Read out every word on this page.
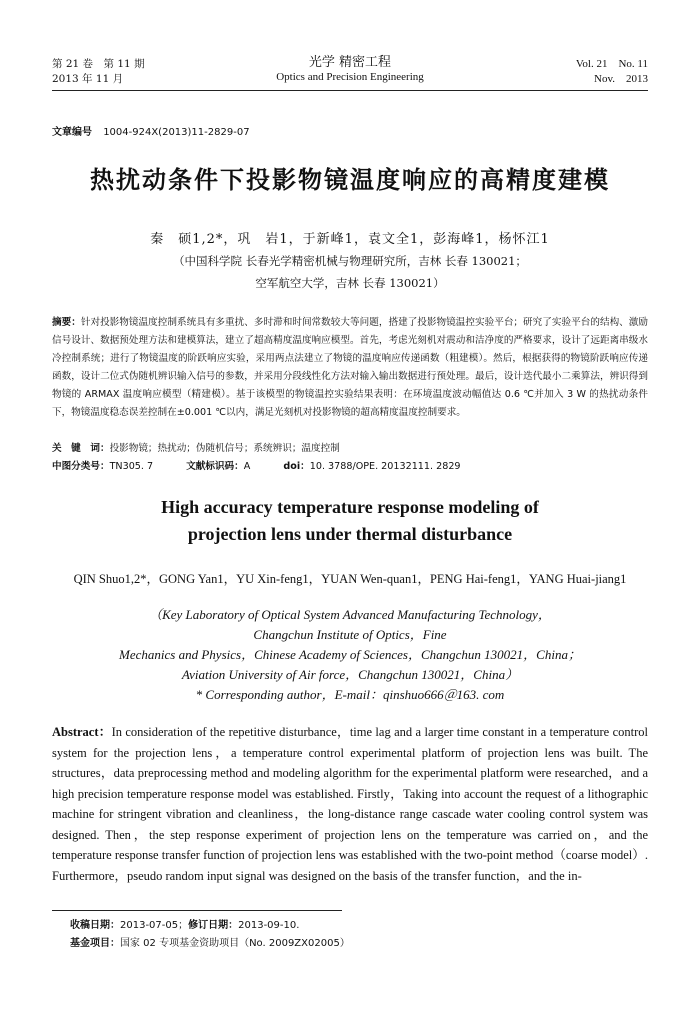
第 21 卷　第 11 期
2013 年 11 月
光学 精密工程
Optics and Precision Engineering
Vol. 21　No. 11
Nov.　2013
文章编号 1004-924X(2013)11-2829-07
热扰动条件下投影物镜温度响应的高精度建模
秦　硕1,2*，巩　岩1，于新峰1，袁文全1，彭海峰1，杨怀江1
（中国科学院 长春光学精密机械与物理研究所，吉林 长春 130021；
空军航空大学，吉林 长春 130021）
摘要：针对投影物镜温度控制系统具有多重扰、多时滞和时间常数较大等问题，搭建了投影物镜温控实验平台；研究了实验平台的结构、激励信号设计、数据预处理方法和建模算法，建立了超高精度温度响应模型。首先，考虑光刻机对震动和洁净度的严格要求，设计了远距离串级水冷控制系统；进行了物镜温度的阶跃响应实验，采用两点法建立了物镜的温度响应传递函数（粗建模）。然后，根据获得的物镜阶跃响应传递函数，设计二位式伪随机辨识输入信号的参数，并采用分段线性化方法对输入输出数据进行预处理。最后，设计迭代最小二乘算法，辨识得到物镜的 ARMAX 温度响应模型（精建模）。基于该模型的物镜温控实验结果表明：在环境温度波动幅值达 0.6 ℃并加入 3 W 的热扰动条件下，物镜温度稳态误差控制在±0.001 ℃以内，满足光刻机对投影物镜的超高精度温度控制要求。
关　键　词：投影物镜；热扰动；伪随机信号；系统辨识；温度控制
中图分类号：TN305. 7	文献标识码：A	doi：10. 3788/OPE. 20132111. 2829
High accuracy temperature response modeling of
projection lens under thermal disturbance
QIN Shuo1,2*，GONG Yan1，YU Xin-feng1，YUAN Wen-quan1，PENG Hai-feng1，YANG Huai-jiang1
（Key Laboratory of Optical System Advanced Manufacturing Technology，
Changchun Institute of Optics，Fine
Mechanics and Physics，Chinese Academy of Sciences，Changchun 130021，China；
Aviation University of Air force，Changchun 130021，China）
* Corresponding author，E-mail：qinshuo666＠163. com
Abstract：In consideration of the repetitive disturbance，time lag and a larger time constant in a temperature control system for the projection lens，a temperature control experimental platform of projection lens was built. The structures，data preprocessing method and modeling algorithm for the experimental platform were researched，and a high precision temperature response model was established. Firstly，Taking into account the request of a lithographic machine for stringent vibration and cleanliness，the long-distance range cascade water cooling control system was designed. Then，the step response experiment of projection lens on the temperature was carried on，and the temperature response transfer function of projection lens was established with the two-point method（coarse model）. Furthermore，pseudo random input signal was designed on the basis of the transfer function，and the in-
收稿日期：2013-07-05；修订日期：2013-09-10.
基金项目：国家 02 专项基金资助项目（No. 2009ZX02005）
